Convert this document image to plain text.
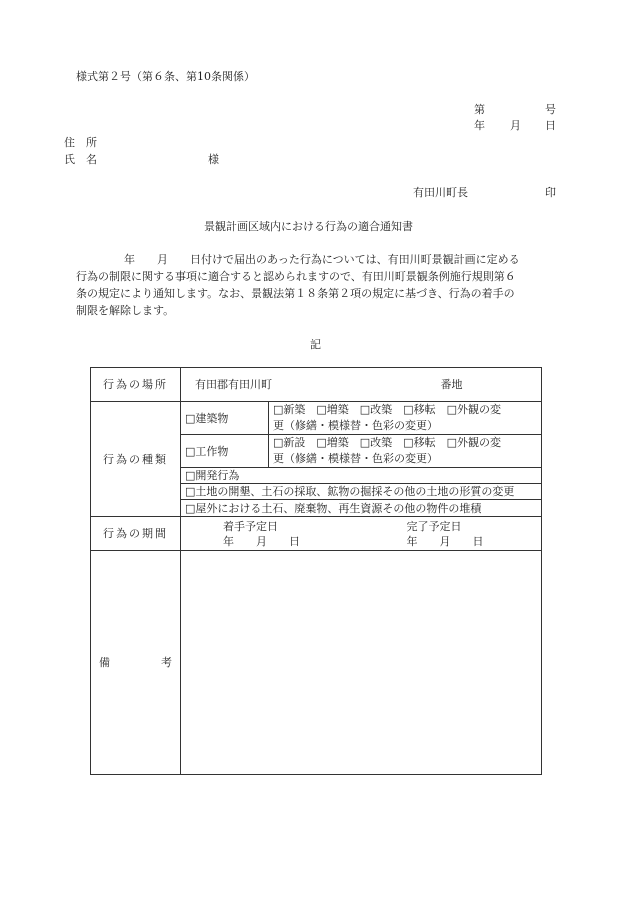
様式第２号（第６条、第10条関係）
第	号
年 月 日
住　所
氏　名	様
有田川町長	印
景観計画区域内における行為の適合通知書
年　　月　　日付けで届出のあった行為については、有田川町景観計画に定める
行為の制限に関する事項に適合すると認められますので、有田川町景観条例施行規則第６
条の規定により通知します。なお、景観法第１８条第２項の規定に基づき、行為の着手の
制限を解除します。
記
行為の場所	有田郡有田川町 番地	
行為の種類	□建築物	□新築　□増築　□改築　□移転　□外観の変
更（修繕・模様替・色彩の変更）

	□工作物	□新設　□増築　□改築　□移転　□外観の変
更（修繕・模様替・色彩の変更）

	□開発行為	
	□土地の開墾、土石の採取、鉱物の掘採その他の土地の形質の変更	
	□屋外における土石、廃棄物、再生資源その他の物件の堆積	
行為の期間	着手予定日 完了予定日
年　　月　　日 年　　月　　日	

備 考		
